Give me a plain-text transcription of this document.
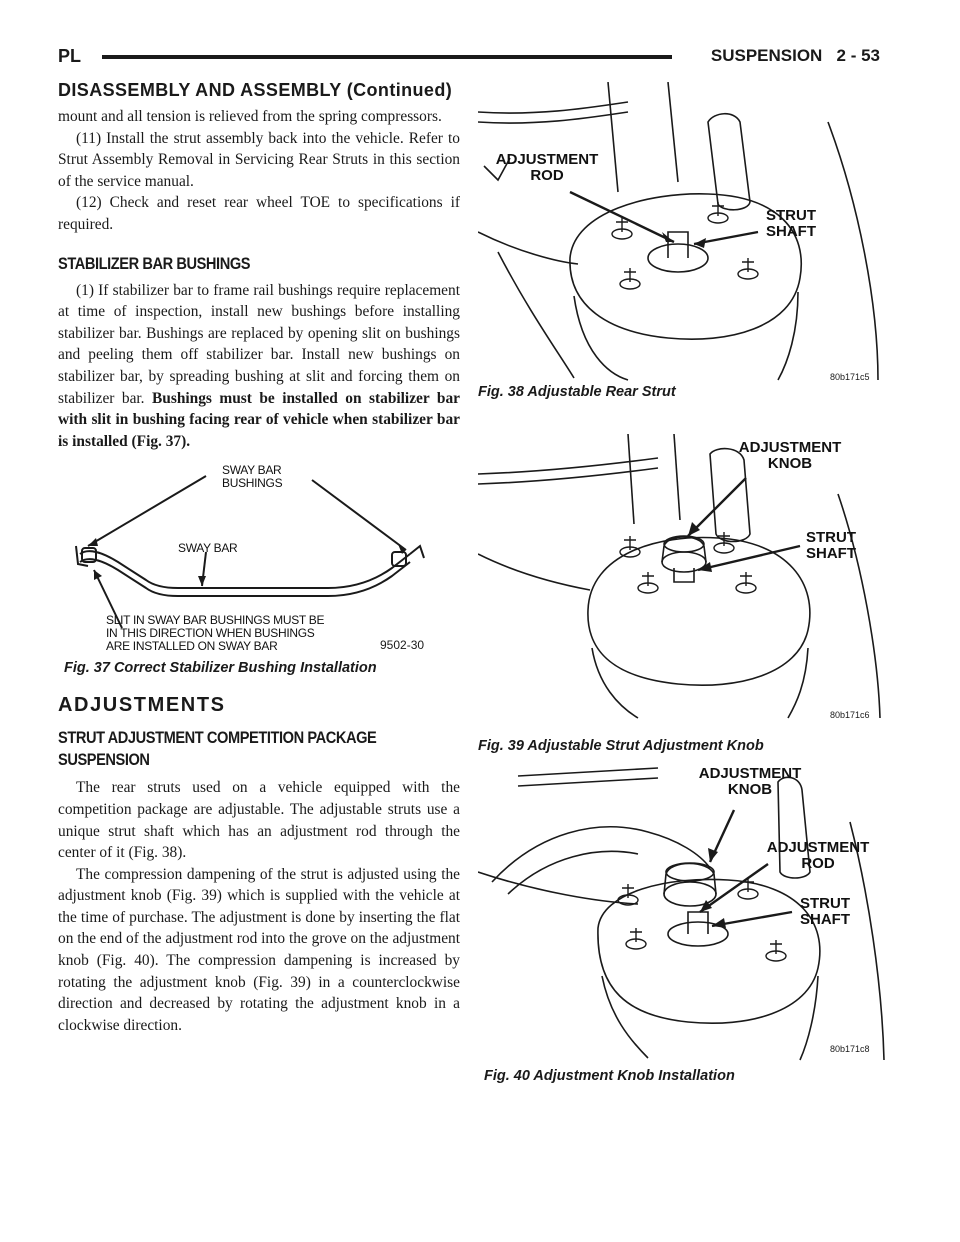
PL	SUSPENSION 2 - 53
DISASSEMBLY AND ASSEMBLY (Continued)

mount and all tension is relieved from the spring compressors.

(11) Install the strut assembly back into the vehicle. Refer to Strut Assembly Removal in Servicing Rear Struts in this section of the service manual.

(12) Check and reset rear wheel TOE to specifications if required.

STABILIZER BAR BUSHINGS

(1) If stabilizer bar to frame rail bushings require replacement at time of inspection, install new bushings before installing stabilizer bar. Bushings are replaced by opening slit on bushings and peeling them off stabilizer bar. Install new bushings on stabilizer bar, by spreading bushing at slit and forcing them on stabilizer bar. Bushings must be installed on stabilizer bar with slit in bushing facing rear of vehicle when stabilizer bar is installed (Fig. 37).

SWAY BAR BUSHINGS
SWAY BAR
SLIT IN SWAY BAR BUSHINGS MUST BE IN THIS DIRECTION WHEN BUSHINGS ARE INSTALLED ON SWAY BAR	9502-30
Fig. 37 Correct Stabilizer Bushing Installation
ADJUSTMENTS
STRUT ADJUSTMENT COMPETITION PACKAGE SUSPENSION

The rear struts used on a vehicle equipped with the competition package are adjustable. The adjustable struts use a unique strut shaft which has an adjustment rod through the center of it (Fig. 38).

The compression dampening of the strut is adjusted using the adjustment knob (Fig. 39) which is supplied with the vehicle at the time of purchase. The adjustment is done by inserting the flat on the end of the adjustment rod into the grove on the adjustment knob (Fig. 40). The compression dampening is increased by rotating the adjustment knob (Fig. 39) in a counterclockwise direction and decreased by rotating the adjustment knob in a clockwise direction.

ADJUSTMENT ROD
STRUT SHAFT
80b171c5
Fig. 38 Adjustable Rear Strut
ADJUSTMENT KNOB
STRUT SHAFT
80b171c6
Fig. 39 Adjustable Strut Adjustment Knob
ADJUSTMENT KNOB
ADJUSTMENT ROD
STRUT SHAFT
80b171c8
Fig. 40 Adjustment Knob Installation
